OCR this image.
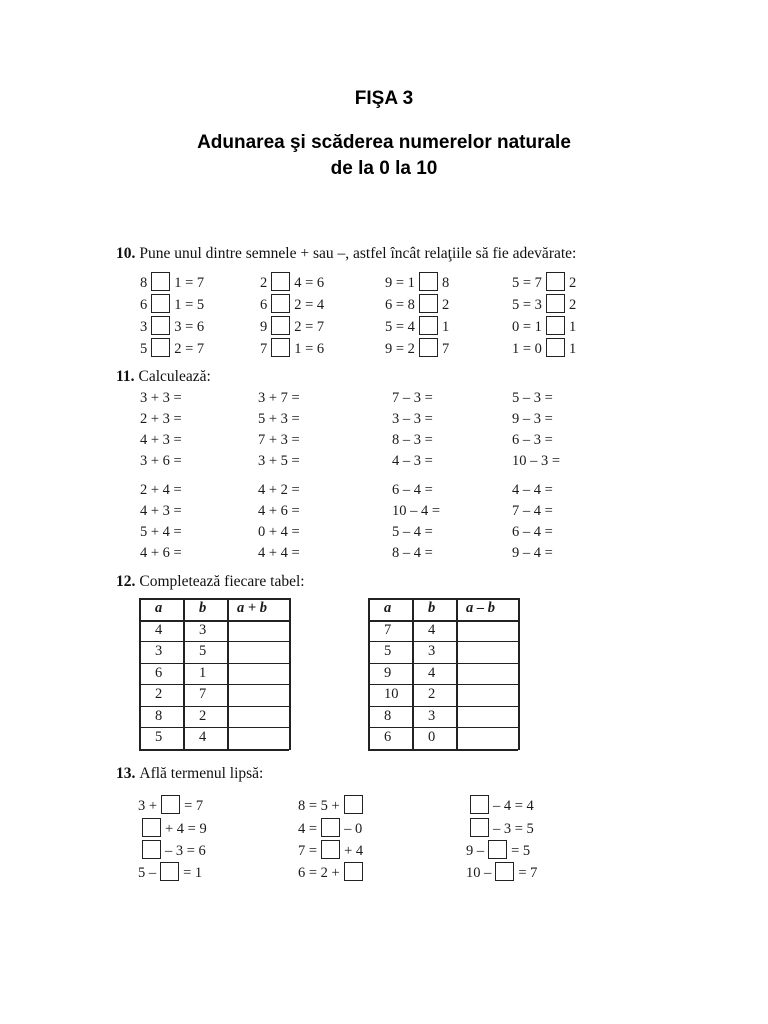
FIŞA 3
Adunarea şi scăderea numerelor naturale
de la 0 la 10
10. Pune unul dintre semnele + sau –, astfel încât relaţiile să fie adevărate:
8 1 = 7
6 1 = 5
3 3 = 6
5 2 = 7
2 4 = 6
6 2 = 4
9 2 = 7
7 1 = 6
9 = 1 8
6 = 8 2
5 = 4 1
9 = 2 7
5 = 7 2
5 = 3 2
0 = 1 1
1 = 0 1
11. Calculează:
3 + 3 =
2 + 3 =
4 + 3 =
3 + 6 =
3 + 7 =
5 + 3 =
7 + 3 =
3 + 5 =
7 – 3 =
3 – 3 =
8 – 3 =
4 – 3 =
5 – 3 =
9 – 3 =
6 – 3 =
10 – 3 =
2 + 4 =
4 + 3 =
5 + 4 =
4 + 6 =
4 + 2 =
4 + 6 =
0 + 4 =
4 + 4 =
6 – 4 =
10 – 4 =
5 – 4 =
8 – 4 =
4 – 4 =
7 – 4 =
6 – 4 =
9 – 4 =
12. Completează fiecare tabel:
a	b a + b
4	3
3	5
6	1
2	7
8	2
5	4
a	b a – b
7	4
5	3
9	4
10 2
8	3
6	0
13. Află termenul lipsă:
3 + = 7
+ 4 = 9
– 3 = 6
5 – = 1
8 = 5 +
4 = – 0
7 = + 4
6 = 2 +
– 4 = 4
– 3 = 5
9 – = 5
10 – = 7
